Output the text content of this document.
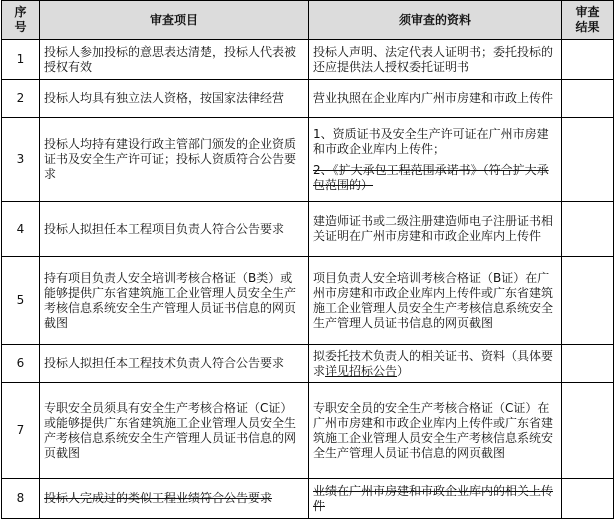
序号	审查项目	须审查的资料	审查结果
1	投标人参加投标的意思表达清楚，投标人代表被授权有效	投标人声明、法定代表人证明书；委托投标的还应提供法人授权委托证明书	
2	投标人均具有独立法人资格，按国家法律经营	营业执照在企业库内广州市房建和市政上传件	
3	投标人均持有建设行政主管部门颁发的企业资质证书及安全生产许可证；投标人资质符合公告要求	1、资质证书及安全生产许可证在广州市房建和市政企业库内上传件；
2、《扩大承包工程范围承诺书》（符合扩大承包范围的）	

4	投标人拟担任本工程项目负责人符合公告要求	建造师证书或二级注册建造师电子注册证书相关证明在广州市房建和市政企业库内上传件	
5	持有项目负责人安全培训考核合格证（B类）或能够提供广东省建筑施工企业管理人员安全生产考核信息系统安全生产管理人员证书信息的网页截图	项目负责人安全培训考核合格证（B证）在广州市房建和市政企业库内上传件或广东省建筑施工企业管理人员安全生产考核信息系统安全生产管理人员证书信息的网页截图	
6	投标人拟担任本工程技术负责人符合公告要求	拟委托技术负责人的相关证书、资料（具体要求详见招标公告）	
7	专职安全员须具有安全生产考核合格证（C证）或能够提供广东省建筑施工企业管理人员安全生产考核信息系统安全生产管理人员证书信息的网页截图	专职安全员的安全生产考核合格证（C证）在广州市房建和市政企业库内上传件或广东省建筑施工企业管理人员安全生产考核信息系统安全生产管理人员证书信息的网页截图	
8	投标人完成过的类似工程业绩符合公告要求	业绩在广州市房建和市政企业库内的相关上传件	
